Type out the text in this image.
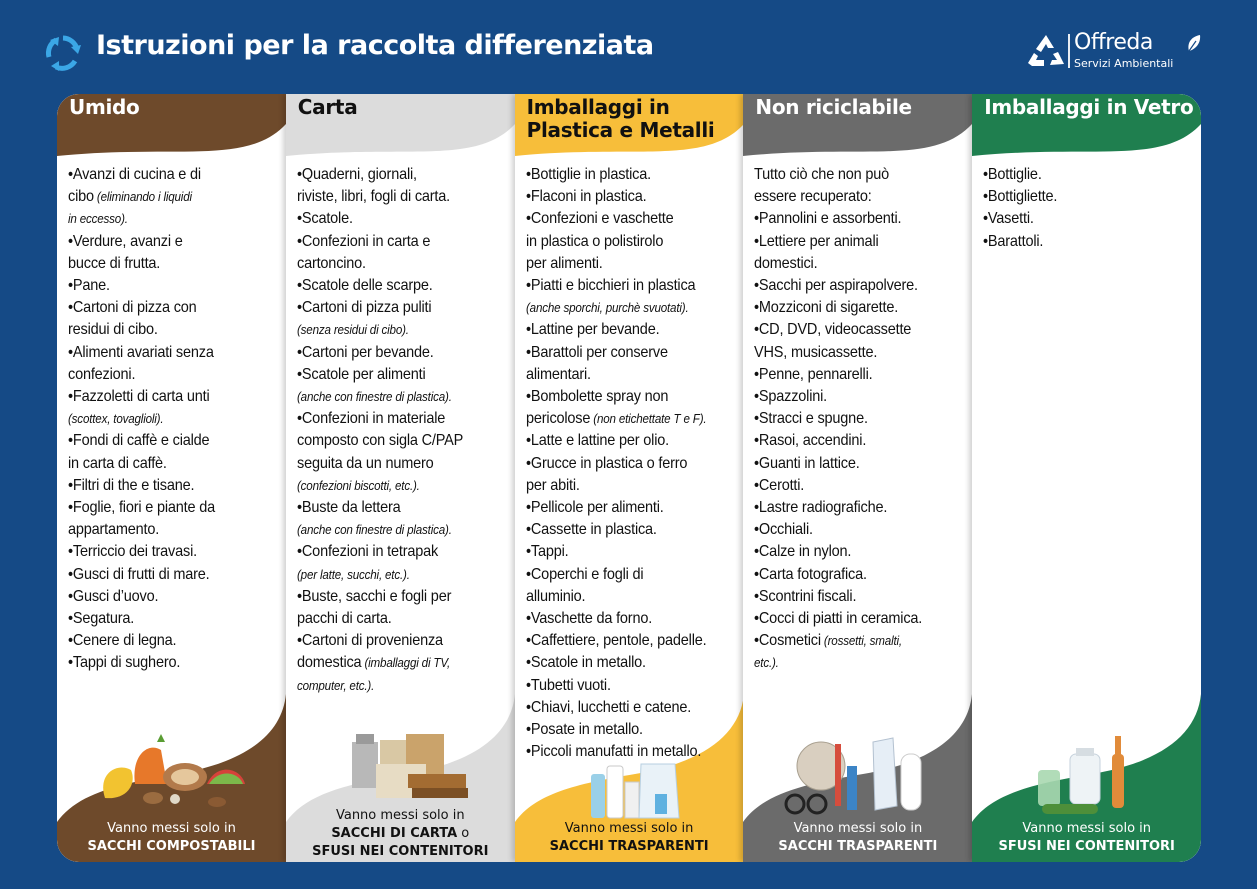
Istruzioni per la raccolta differenziata	Offreda
Servizi Ambientali
Umido

• Avanzi di cucina e di

cibo (eliminando i liquidi

in eccesso).

• Verdure, avanzi e

bucce di frutta.

• Pane.

• Cartoni di pizza con

residui di cibo.

• Alimenti avariati senza

confezioni.

• Fazzoletti di carta unti

(scottex, tovaglioli).

• Fondi di caffè e cialde

in carta di caffè.

• Filtri di the e tisane.

• Foglie, fiori e piante da

appartamento.

• Terriccio dei travasi.

• Gusci di frutti di mare.

• Gusci d’uovo.

• Segatura.

• Cenere di legna.

• Tappi di sughero.

Vanno messi solo in
SACCHI COMPOSTABILI
Carta

• Quaderni, giornali,

riviste, libri, fogli di carta.

• Scatole.

• Confezioni in carta e

cartoncino.

• Scatole delle scarpe.

• Cartoni di pizza puliti

(senza residui di cibo).

• Cartoni per bevande.

• Scatole per alimenti

(anche con finestre di plastica).

• Confezioni in materiale

composto con sigla C/PAP

seguita da un numero

(confezioni biscotti, etc.).

• Buste da lettera

(anche con finestre di plastica).

• Confezioni in tetrapak

(per latte, succhi, etc.).

• Buste, sacchi e fogli per

pacchi di carta.

• Cartoni di provenienza

domestica (imballaggi di TV,

computer, etc.).

Vanno messi solo in
SACCHI DI CARTA o
SFUSI NEI CONTENITORI
Imballaggi in Plastica e Metalli

• Bottiglie in plastica.

• Flaconi in plastica.

• Confezioni e vaschette

in plastica o polistirolo

per alimenti.

• Piatti e bicchieri in plastica

(anche sporchi, purchè svuotati).

• Lattine per bevande.

• Barattoli per conserve

alimentari.

• Bombolette spray non

pericolose (non etichettate T e F).

• Latte e lattine per olio.

• Grucce in plastica o ferro

per abiti.

• Pellicole per alimenti.

• Cassette in plastica.

• Tappi.

• Coperchi e fogli di

alluminio.

• Vaschette da forno.

• Caffettiere, pentole, padelle.

• Scatole in metallo.

• Tubetti vuoti.

• Chiavi, lucchetti e catene.

• Posate in metallo.

• Piccoli manufatti in metallo.

Vanno messi solo in
SACCHI TRASPARENTI
Non riciclabile

Tutto ciò che non può

essere recuperato:

• Pannolini e assorbenti.

• Lettiere per animali

domestici.

• Sacchi per aspirapolvere.

• Mozziconi di sigarette.

• CD, DVD, videocassette

VHS, musicassette.

• Penne, pennarelli.

• Spazzolini.

• Stracci e spugne.

• Rasoi, accendini.

• Guanti in lattice.

• Cerotti.

• Lastre radiografiche.

• Occhiali.

• Calze in nylon.

• Carta fotografica.

• Scontrini fiscali.

• Cocci di piatti in ceramica.

• Cosmetici (rossetti, smalti,

etc.).

Vanno messi solo in
SACCHI TRASPARENTI
Imballaggi in Vetro

• Bottiglie.

• Bottigliette.

• Vasetti.

• Barattoli.

Vanno messi solo in
SFUSI NEI CONTENITORI
